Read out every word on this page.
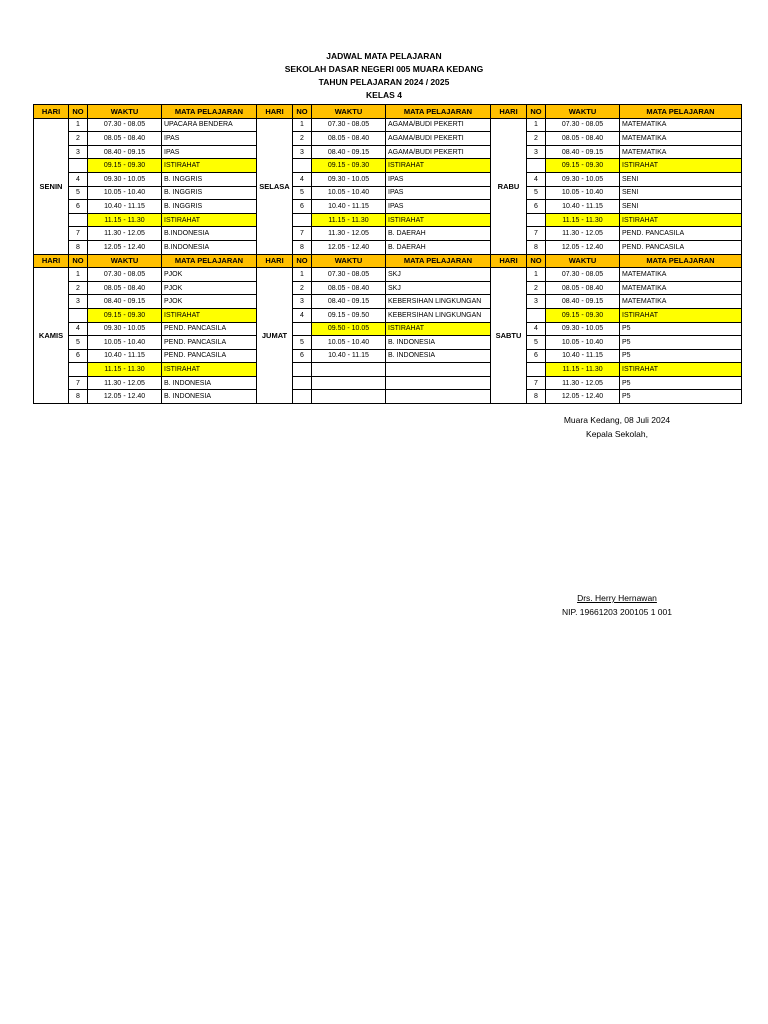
JADWAL MATA PELAJARAN
SEKOLAH DASAR NEGERI 005 MUARA KEDANG
TAHUN PELAJARAN 2024 / 2025
KELAS 4
HARI	NO	WAKTU	MATA PELAJARAN	HARI	NO	WAKTU	MATA PELAJARAN	HARI	NO	WAKTU	MATA PELAJARAN
SENIN	1	07.30 - 08.05	UPACARA BENDERA	SELASA	1	07.30 - 08.05	AGAMA/BUDI PEKERTI	RABU	1	07.30 - 08.05	MATEMATIKA
	2	08.05 - 08.40	IPAS		2	08.05 - 08.40	AGAMA/BUDI PEKERTI		2	08.05 - 08.40	MATEMATIKA
	3	08.40 - 09.15	IPAS		3	08.40 - 09.15	AGAMA/BUDI PEKERTI		3	08.40 - 09.15	MATEMATIKA
		09.15 - 09.30	ISTIRAHAT			09.15 - 09.30	ISTIRAHAT			09.15 - 09.30	ISTIRAHAT
	4	09.30 - 10.05	B. INGGRIS		4	09.30 - 10.05	IPAS		4	09.30 - 10.05	SENI
	5	10.05 - 10.40	B. INGGRIS		5	10.05 - 10.40	IPAS		5	10.05 - 10.40	SENI
	6	10.40 - 11.15	B. INGGRIS		6	10.40 - 11.15	IPAS		6	10.40 - 11.15	SENI
		11.15 - 11.30	ISTIRAHAT			11.15 - 11.30	ISTIRAHAT			11.15 - 11.30	ISTIRAHAT
	7	11.30 - 12.05	B.INDONESIA		7	11.30 - 12.05	B. DAERAH		7	11.30 - 12.05	PEND. PANCASILA
	8	12.05 - 12.40	B.INDONESIA		8	12.05 - 12.40	B. DAERAH		8	12.05 - 12.40	PEND. PANCASILA
HARI	NO	WAKTU	MATA PELAJARAN	HARI	NO	WAKTU	MATA PELAJARAN	HARI	NO	WAKTU	MATA PELAJARAN
KAMIS	1	07.30 - 08.05	PJOK	JUMAT	1	07.30 - 08.05	SKJ	SABTU	1	07.30 - 08.05	MATEMATIKA
	2	08.05 - 08.40	PJOK		2	08.05 - 08.40	SKJ		2	08.05 - 08.40	MATEMATIKA
	3	08.40 - 09.15	PJOK		3	08.40 - 09.15	KEBERSIHAN LINGKUNGAN		3	08.40 - 09.15	MATEMATIKA
		09.15 - 09.30	ISTIRAHAT		4	09.15 - 09.50	KEBERSIHAN LINGKUNGAN			09.15 - 09.30	ISTIRAHAT
	4	09.30 - 10.05	PEND. PANCASILA			09.50 - 10.05	ISTIRAHAT		4	09.30 - 10.05	P5
	5	10.05 - 10.40	PEND. PANCASILA		5	10.05 - 10.40	B. INDONESIA		5	10.05 - 10.40	P5
	6	10.40 - 11.15	PEND. PANCASILA		6	10.40 - 11.15	B. INDONESIA		6	10.40 - 11.15	P5
		11.15 - 11.30	ISTIRAHAT							11.15 - 11.30	ISTIRAHAT
	7	11.30 - 12.05	B. INDONESIA						7	11.30 - 12.05	P5
	8	12.05 - 12.40	B. INDONESIA						8	12.05 - 12.40	P5
Muara Kedang, 08 Juli 2024
Kepala Sekolah,
Drs. Herry Hernawan
NIP. 19661203 200105 1 001
